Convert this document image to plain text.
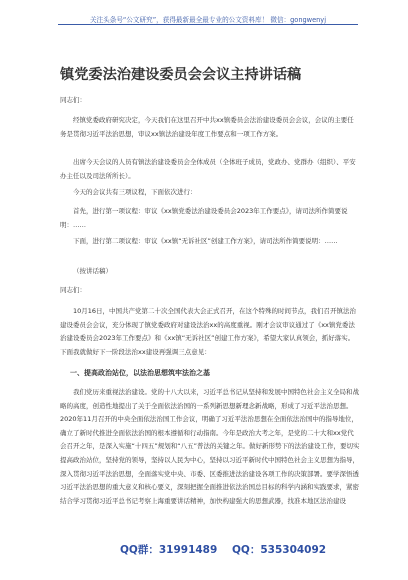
关注头条号“公文研究”，获得最新最全最专业的公文资料库！ 微信：gongwenyj
镇党委法治建设委员会会议主持讲话稿
同志们：
经镇党委政府研究决定，今天我们在这里召开中共xx镇委员会法治建设委员会会议，会议的主要任务是贯彻习近平法治思想，审议xx镇法治建设年度工作要点和一项工作方案。
出席今天会议的人员有镇法治建设委员会全体成员（全体班子成员，党政办、党群办（组织）、平安办主任以及司法所所长）。
今天的会议共有三项议程，下面依次进行：
首先，进行第一项议程：审议《xx镇党委法治建设委员会2023年工作要点》，请司法所作简要说明：……
下面，进行第二项议程：审议《xx镇“无诉社区”创建工作方案》，请司法所作简要说明：……
（按讲话稿）
同志们：
10月16日，中国共产党第二十次全国代表大会正式召开，在这个特殊的时间节点，我们召开镇法治建设委员会会议，充分体现了镇党委政府对建设法治xx的高度重视。刚才会议审议通过了《xx镇党委法治建设委员会2023年工作要点》和《xx镇“无诉社区”创建工作方案》，希望大家认真领会，抓好落实。下面我就做好下一阶段法治xx建设再强调三点意见：
一、提高政治站位，以法治思想筑牢法治之基
我们党历来重视法治建设。党的十八大以来，习近平总书记从坚持和发展中国特色社会主义全局和战略的高度，创造性地提出了关于全面依法治国的一系列新思想新理念新战略，形成了习近平法治思想。2020年11月召开的中央全面依法治国工作会议，明确了习近平法治思想在全面依法治国中的指导地位，确立了新时代推进全面依法治国的根本遵循和行动指南。今年是政治大考之年，是党的二十大和xx党代会召开之年，是深入实施“十四五”规划和“八五”普法的关键之年。做好新形势下的法治建设工作，要切实提高政治站位，坚持党的领导，坚持以人民为中心，坚持以习近平新时代中国特色社会主义思想为指导，深入贯彻习近平法治思想，全面落实党中央、市委、区委推进法治建设各项工作的决策部署。要学深悟透习近平法治思想的重大意义和核心要义，深刻把握全面推进依法治国总目标的科学内涵和实践要求，紧密结合学习贯彻习近平总书记考察上海重要讲话精神，加快构建强大的思想武器，找准本地区法治建设
QQ群：31991489 QQ：535304092
